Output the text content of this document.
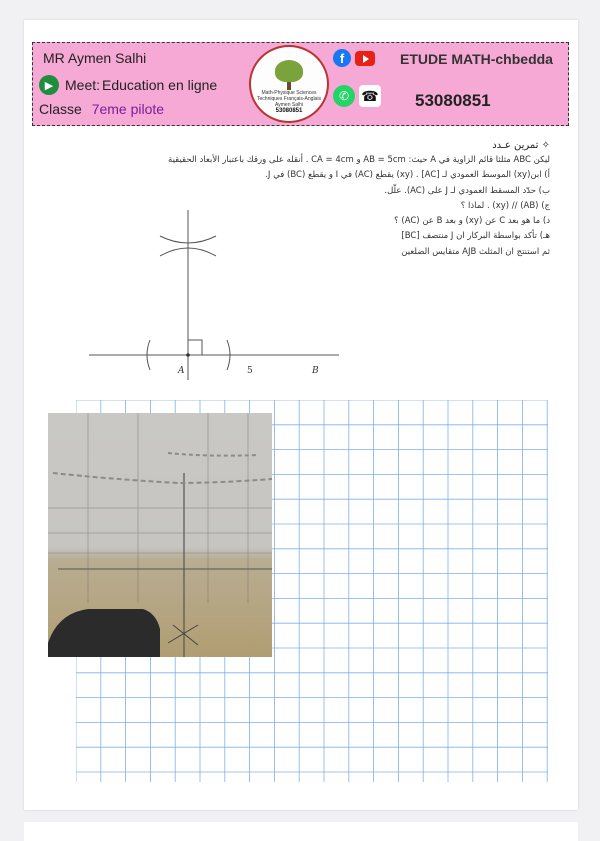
MR Aymen Salhi
▶ Meet: Education en ligne
Classe 7eme pilote
Math-Physique Sciences Techniques Français-Anglais
Aymen Salhi
53080851
f	ETUDE MATH-chbedda
✆ ☎ 53080851
✧ تمرين عـدد
ليكن ABC مثلثا قائم الزاوية في A حيث: AB = 5cm و CA = 4cm . أنقله على ورقك باعتبار الأبعاد الحقيقية
أ) ابن(xy) الموسط العمودي لـ [AC] . (xy) يقطع (AC) في I و يقطع (BC) في J.
ب) حدّد المسقط العمودي لـ J على (AC). علّل.
ج) (AB) // (xy) . لماذا ؟
د) ما هو بعد C عن (xy) و بعد B عن (AC) ؟
هـ) تأكد بواسطة البركار ان J منتصف [BC]
ثم استنتج ان المثلث AJB متقايس الضلعين
A	5	B
